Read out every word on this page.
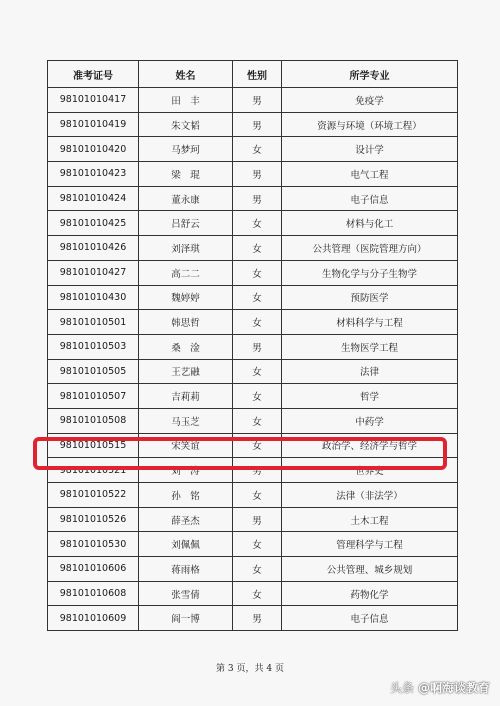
准考证号	姓名	性别	所学专业
98101010417	田　丰	男	免疫学
98101010419	朱文韬	男	资源与环境（环境工程）
98101010420	马梦珂	女	设计学
98101010423	梁　琨	男	电气工程
98101010424	董永康	男	电子信息
98101010425	吕舒云	女	材料与化工
98101010426	刘泽琪	女	公共管理（医院管理方向）
98101010427	高二二	女	生物化学与分子生物学
98101010430	魏婷婷	女	预防医学
98101010501	韩思哲	女	材料科学与工程
98101010503	桑　淦	男	生物医学工程
98101010505	王艺融	女	法律
98101010507	吉莉莉	女	哲学
98101010508	马玉芝	女	中药学
98101010515	宋笑谊	女	政治学、经济学与哲学
98101010521	刘　涛	男	世界史
98101010522	孙　铭	女	法律（非法学）
98101010526	薛圣杰	男	土木工程
98101010530	刘佩佩	女	管理科学与工程
98101010606	蒋雨格	女	公共管理、城乡规划
98101010608	张雪倩	女	药物化学
98101010609	阎一博	男	电子信息
第 3 页，共 4 页
头条 @啊海谈教育
